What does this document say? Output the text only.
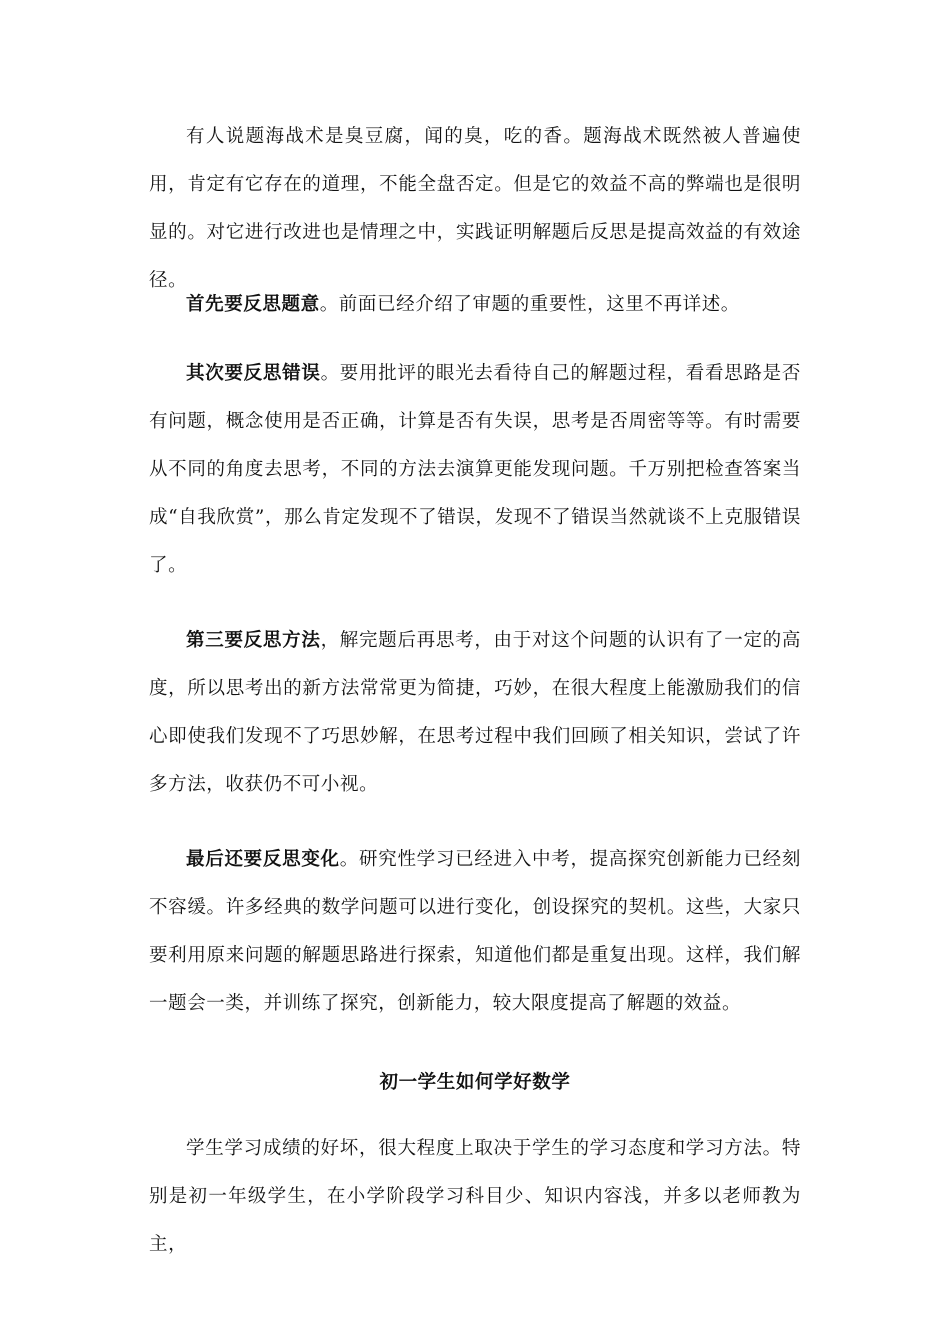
有人说题海战术是臭豆腐，闻的臭，吃的香。题海战术既然被人普遍使用，肯定有它存在的道理，不能全盘否定。但是它的效益不高的弊端也是很明显的。对它进行改进也是情理之中，实践证明解题后反思是提高效益的有效途径。

首先要反思题意。前面已经介绍了审题的重要性，这里不再详述。

其次要反思错误。要用批评的眼光去看待自己的解题过程，看看思路是否有问题，概念使用是否正确，计算是否有失误，思考是否周密等等。有时需要从不同的角度去思考，不同的方法去演算更能发现问题。千万别把检查答案当成“自我欣赏”，那么肯定发现不了错误，发现不了错误当然就谈不上克服错误了。

第三要反思方法，解完题后再思考，由于对这个问题的认识有了一定的高度，所以思考出的新方法常常更为简捷，巧妙，在很大程度上能激励我们的信心即使我们发现不了巧思妙解，在思考过程中我们回顾了相关知识，尝试了许多方法，收获仍不可小视。

最后还要反思变化。研究性学习已经进入中考，提高探究创新能力已经刻不容缓。许多经典的数学问题可以进行变化，创设探究的契机。这些，大家只要利用原来问题的解题思路进行探索，知道他们都是重复出现。这样，我们解一题会一类，并训练了探究，创新能力，较大限度提高了解题的效益。

初一学生如何学好数学

学生学习成绩的好坏，很大程度上取决于学生的学习态度和学习方法。特别是初一年级学生，在小学阶段学习科目少、知识内容浅，并多以老师教为主，
